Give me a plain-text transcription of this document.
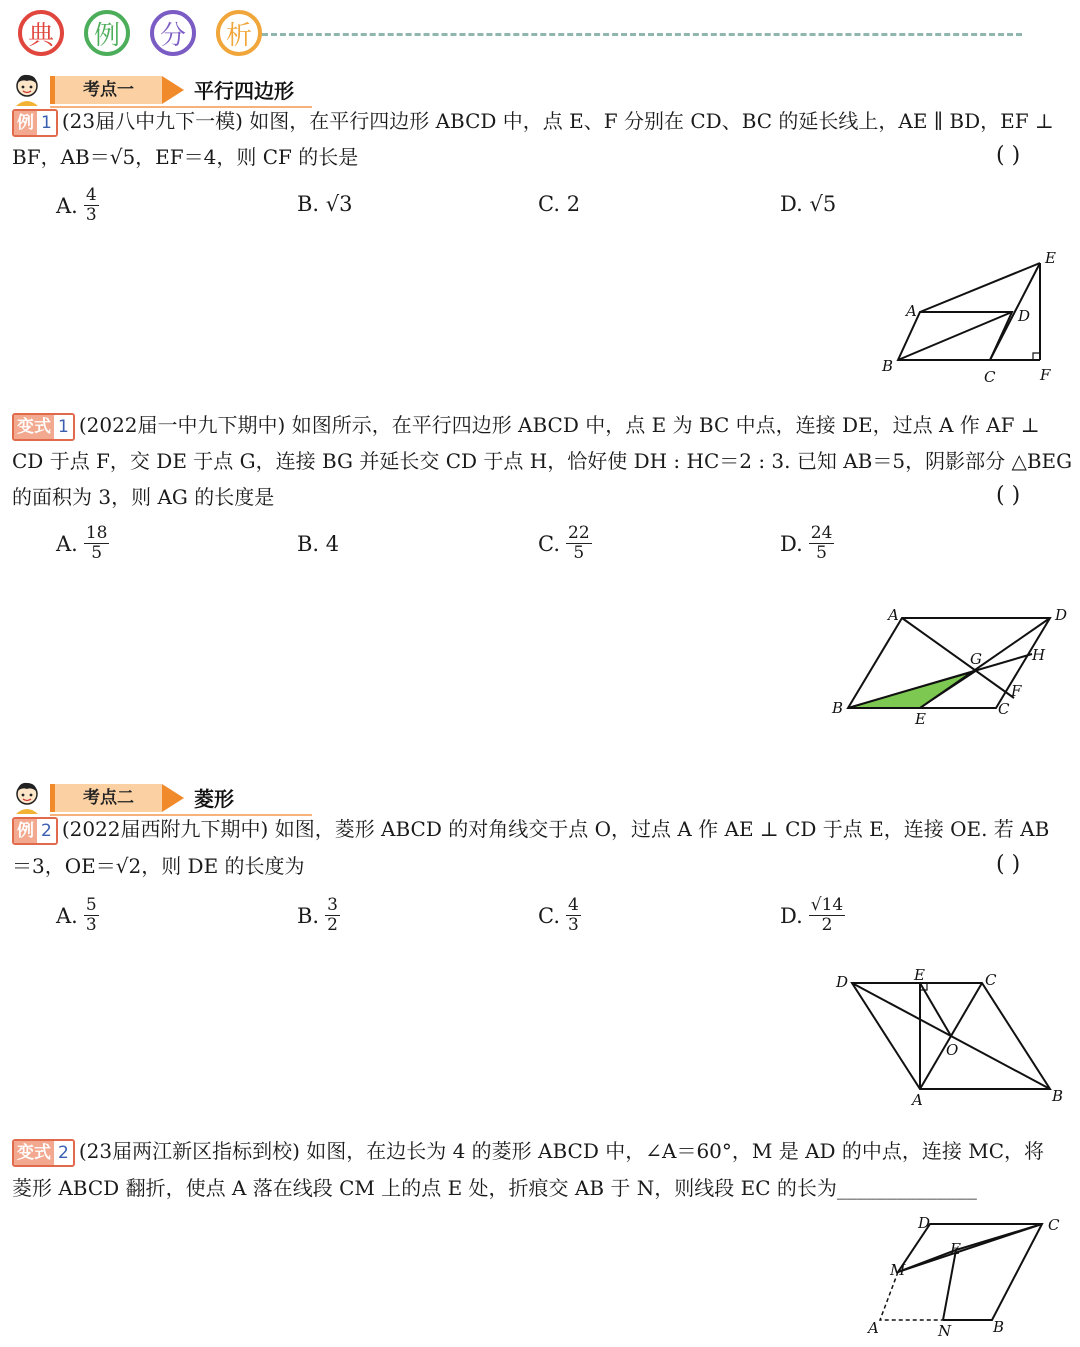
典	例	分	析
考点一	平行四边形
例 1 (23届八中九下一模) 如图，在平行四边形 ABCD 中，点 E、F 分别在 CD、BC 的延长线上，AE ∥ BD，EF ⊥
BF，AB＝√5，EF＝4，则 CF 的长是	( )
A. $\frac{4}{3}$	B.
√3	C.
2	D.
√5
A
B
C
D
E
F
变式 1 (2022届一中九下期中) 如图所示，在平行四边形 ABCD 中，点 E 为 BC 中点，连接 DE，过点 A 作 AF ⊥
CD 于点 F，交 DE 于点 G，连接 BG 并延长交 CD 于点 H，恰好使 DH : HC＝2 : 3. 已知 AB＝5，阴影部分 △BEG
的面积为 3，则 AG 的长度是	( )
A. $\frac{18}{5}$	B.
4	C. $\frac{22}{5}$	D. $\frac{24}{5}$
A
B	C
D
E
F
G	H
考点二	菱形
例 2 (2022届西附九下期中) 如图，菱形 ABCD 的对角线交于点 O，过点 A 作 AE ⊥ CD 于点 E，连接 OE. 若 AB
＝3，OE＝√2，则 DE 的长度为	( )
A. $\frac{5}{3}$	B. $\frac{3}{2}$	C. $\frac{4}{3}$	D. $\frac{√14}{2}$
A	B
C
D	E
O
变式 2 (23届两江新区指标到校) 如图，在边长为 4 的菱形 ABCD 中，∠A＝60°，M 是 AD 的中点，连接 MC，将
菱形 ABCD 翻折，使点 A 落在线段 CM 上的点 E 处，折痕交 AB 于 N，则线段 EC 的长为______________
A	B
C
D
E
M
N
